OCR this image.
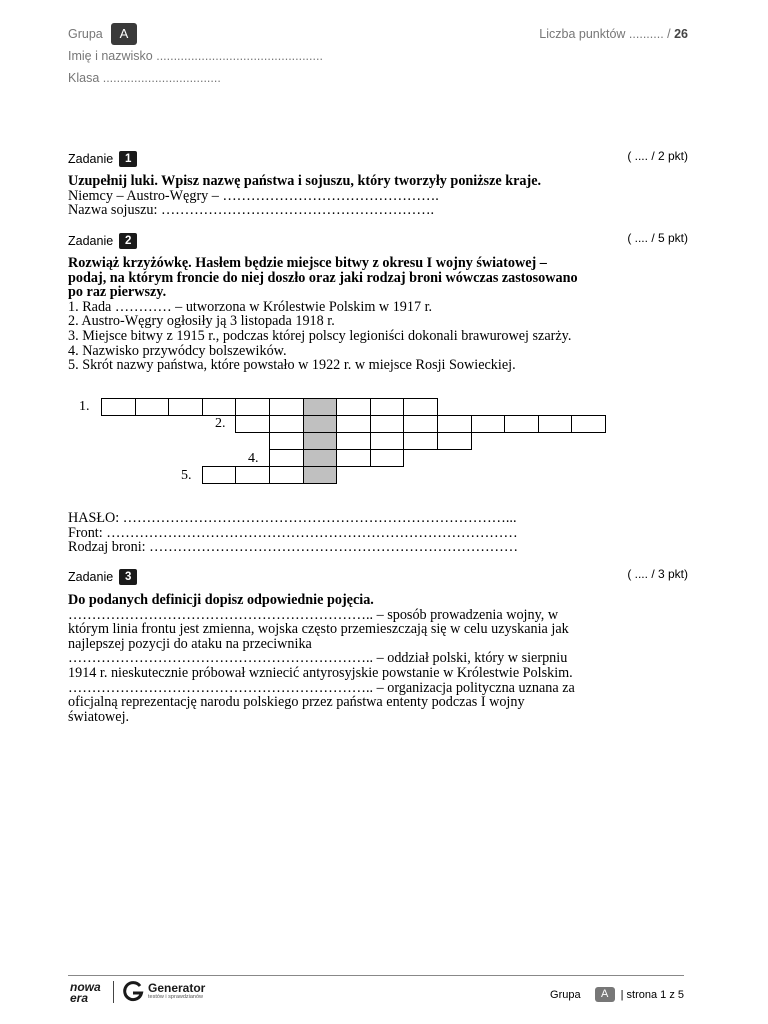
Grupa	A
Imię i nazwisko ................................................
Klasa ..................................
Liczba punktów .......... / 26
Zadanie	1	( .... / 2 pkt)
Uzupełnij luki. Wpisz nazwę państwa i sojuszu, który tworzyły poniższe kraje.
Niemcy – Austro-Węgry – ……………………………………….
Nazwa sojuszu: ………………………………………………….
Zadanie	2	( .... / 5 pkt)
Rozwiąż krzyżówkę. Hasłem będzie miejsce bitwy z okresu I wojny światowej –
podaj, na którym froncie do niej doszło oraz jaki rodzaj broni wówczas zastosowano
po raz pierwszy.
1. Rada ………… – utworzona w Królestwie Polskim w 1917 r.
2. Austro-Węgry ogłosiły ją 3 listopada 1918 r.
3. Miejsce bitwy z 1915 r., podczas której polscy legioniści dokonali brawurowej szarży.
4. Nazwisko przywódcy bolszewików.
5. Skrót nazwy państwa, które powstało w 1922 r. w miejsce Rosji Sowieckiej.
1.
2.
4.
5.
HASŁO: ………………………………………………………………………...
Front: ……………………………………………………………………………
Rodzaj broni: ……………………………………………………………………
Zadanie	3	( .... / 3 pkt)
Do podanych definicji dopisz odpowiednie pojęcia.
……………………………………………………….. – sposób prowadzenia wojny, w
którym linia frontu jest zmienna, wojska często przemieszczają się w celu uzyskania jak
najlepszej pozycji do ataku na przeciwnika
……………………………………………………….. – oddział polski, który w sierpniu
1914 r. nieskutecznie próbował wzniecić antyrosyjskie powstanie w Królestwie Polskim.
……………………………………………………….. – organizacja polityczna uznana za
oficjalną reprezentację narodu polskiego przez państwa ententy podczas I wojny
światowej.
nowa
era
Generator
testów i sprawdzianów	Grupa	A	| strona 1 z 5
